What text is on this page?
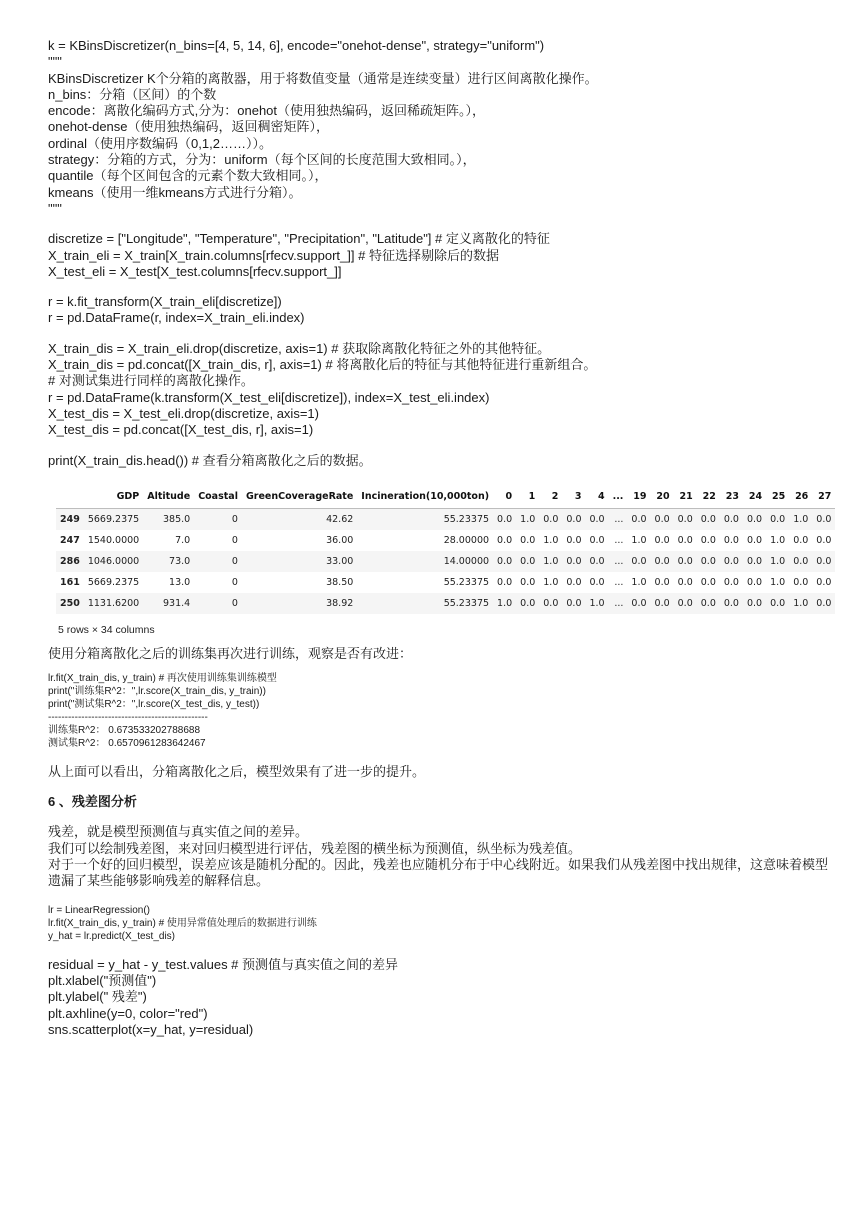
k = KBinsDiscretizer(n_bins=[4, 5, 14, 6], encode="onehot-dense", strategy="uniform")
"""
KBinsDiscretizer K个分箱的离散器，用于将数值变量（通常是连续变量）进行区间离散化操作。
n_bins：分箱（区间）的个数
encode：离散化编码方式,分为：onehot（使用独热编码，返回稀疏矩阵。），
onehot-dense（使用独热编码，返回稠密矩阵），
ordinal（使用序数编码（0,1,2……））。
strategy：分箱的方式，分为：uniform（每个区间的长度范围大致相同。），
quantile（每个区间包含的元素个数大致相同。），
kmeans（使用一维kmeans方式进行分箱）。
"""
discretize = ["Longitude", "Temperature", "Precipitation", "Latitude"] # 定义离散化的特征
X_train_eli = X_train[X_train.columns[rfecv.support_]] # 特征选择剔除后的数据
X_test_eli = X_test[X_test.columns[rfecv.support_]]
r = k.fit_transform(X_train_eli[discretize])
r = pd.DataFrame(r, index=X_train_eli.index)
X_train_dis = X_train_eli.drop(discretize, axis=1) # 获取除离散化特征之外的其他特征。
X_train_dis = pd.concat([X_train_dis, r], axis=1) # 将离散化后的特征与其他特征进行重新组合。
# 对测试集进行同样的离散化操作。
r = pd.DataFrame(k.transform(X_test_eli[discretize]), index=X_test_eli.index)
X_test_dis = X_test_eli.drop(discretize, axis=1)
X_test_dis = pd.concat([X_test_dis, r], axis=1)
print(X_train_dis.head()) # 查看分箱离散化之后的数据。
	GDP	Altitude	Coastal	GreenCoverageRate	Incineration(10,000ton)	0	1	2	3	4	...	19	20	21	22	23	24	25	26	27
249	5669.2375	385.0	0	42.62	55.23375	0.0	1.0	0.0	0.0	0.0	...	0.0	0.0	0.0	0.0	0.0	0.0	0.0	1.0	0.0
247	1540.0000	7.0	0	36.00	28.00000	0.0	0.0	1.0	0.0	0.0	...	1.0	0.0	0.0	0.0	0.0	0.0	1.0	0.0	0.0
286	1046.0000	73.0	0	33.00	14.00000	0.0	0.0	1.0	0.0	0.0	...	0.0	0.0	0.0	0.0	0.0	0.0	1.0	0.0	0.0
161	5669.2375	13.0	0	38.50	55.23375	0.0	0.0	1.0	0.0	0.0	...	1.0	0.0	0.0	0.0	0.0	0.0	1.0	0.0	0.0
250	1131.6200	931.4	0	38.92	55.23375	1.0	0.0	0.0	0.0	1.0	...	0.0	0.0	0.0	0.0	0.0	0.0	0.0	1.0	0.0
5 rows × 34 columns
使用分箱离散化之后的训练集再次进行训练，观察是否有改进：
lr.fit(X_train_dis, y_train) # 再次使用训练集训练模型
print("训练集R^2：",lr.score(X_train_dis, y_train))
print("测试集R^2：",lr.score(X_test_dis, y_test))
------------------------------------------------
训练集R^2： 0.673533202788688
测试集R^2： 0.6570961283642467
从上面可以看出，分箱离散化之后，模型效果有了进一步的提升。
6 、残差图分析
残差，就是模型预测值与真实值之间的差异。
我们可以绘制残差图，来对回归模型进行评估，残差图的横坐标为预测值，纵坐标为残差值。
对于一个好的回归模型，误差应该是随机分配的。因此，残差也应随机分布于中心线附近。如果我们从残差图中找出规律，这意味着模型遗漏了某些能够影响残差的解释信息。
lr = LinearRegression()
lr.fit(X_train_dis, y_train) # 使用异常值处理后的数据进行训练
y_hat = lr.predict(X_test_dis)
residual = y_hat - y_test.values # 预测值与真实值之间的差异
plt.xlabel("预测值")
plt.ylabel(" 残差")
plt.axhline(y=0, color="red")
sns.scatterplot(x=y_hat, y=residual)
